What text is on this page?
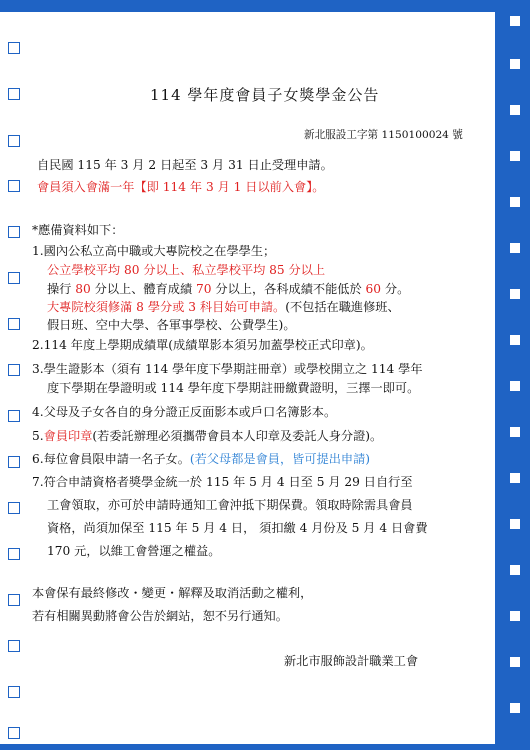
114 學年度會員子女獎學金公告
新北服設工字第 1150100024 號
自民國 115 年 3 月 2 日起至 3 月 31 日止受理申請。
會員須入會滿一年【即 114 年 3 月 1 日以前入會】。
*應備資料如下：
1.國內公私立高中職或大專院校之在學學生；
公立學校平均 80 分以上、私立學校平均 85 分以上
操行 80 分以上、體育成績 70 分以上，各科成績不能低於 60 分。
大專院校須修滿 8 學分或 3 科目始可申請。(不包括在職進修班、
假日班、空中大學、各軍事學校、公費學生)。
2.114 年度上學期成績單(成績單影本須另加蓋學校正式印章)。
3.學生證影本（須有 114 學年度下學期註冊章）或學校開立之 114 學年
度下學期在學證明或 114 學年度下學期註冊繳費證明，三擇一即可。
4.父母及子女各自的身分證正反面影本或戶口名簿影本。
5.會員印章(若委託辦理必須攜帶會員本人印章及委託人身分證)。
6.每位會員限申請一名子女。(若父母都是會員，皆可提出申請)
7.符合申請資格者獎學金統一於 115 年 5 月 4 日至 5 月 29 日自行至
工會領取，亦可於申請時通知工會沖抵下期保費。領取時除需具會員
資格，尚須加保至 115 年 5 月 4 日， 須扣繳 4 月份及 5 月 4 日會費
170 元，以維工會營運之權益。
本會保有最終修改・變更・解釋及取消活動之權利，
若有相關異動將會公告於網站，恕不另行通知。
新北市服飾設計職業工會
